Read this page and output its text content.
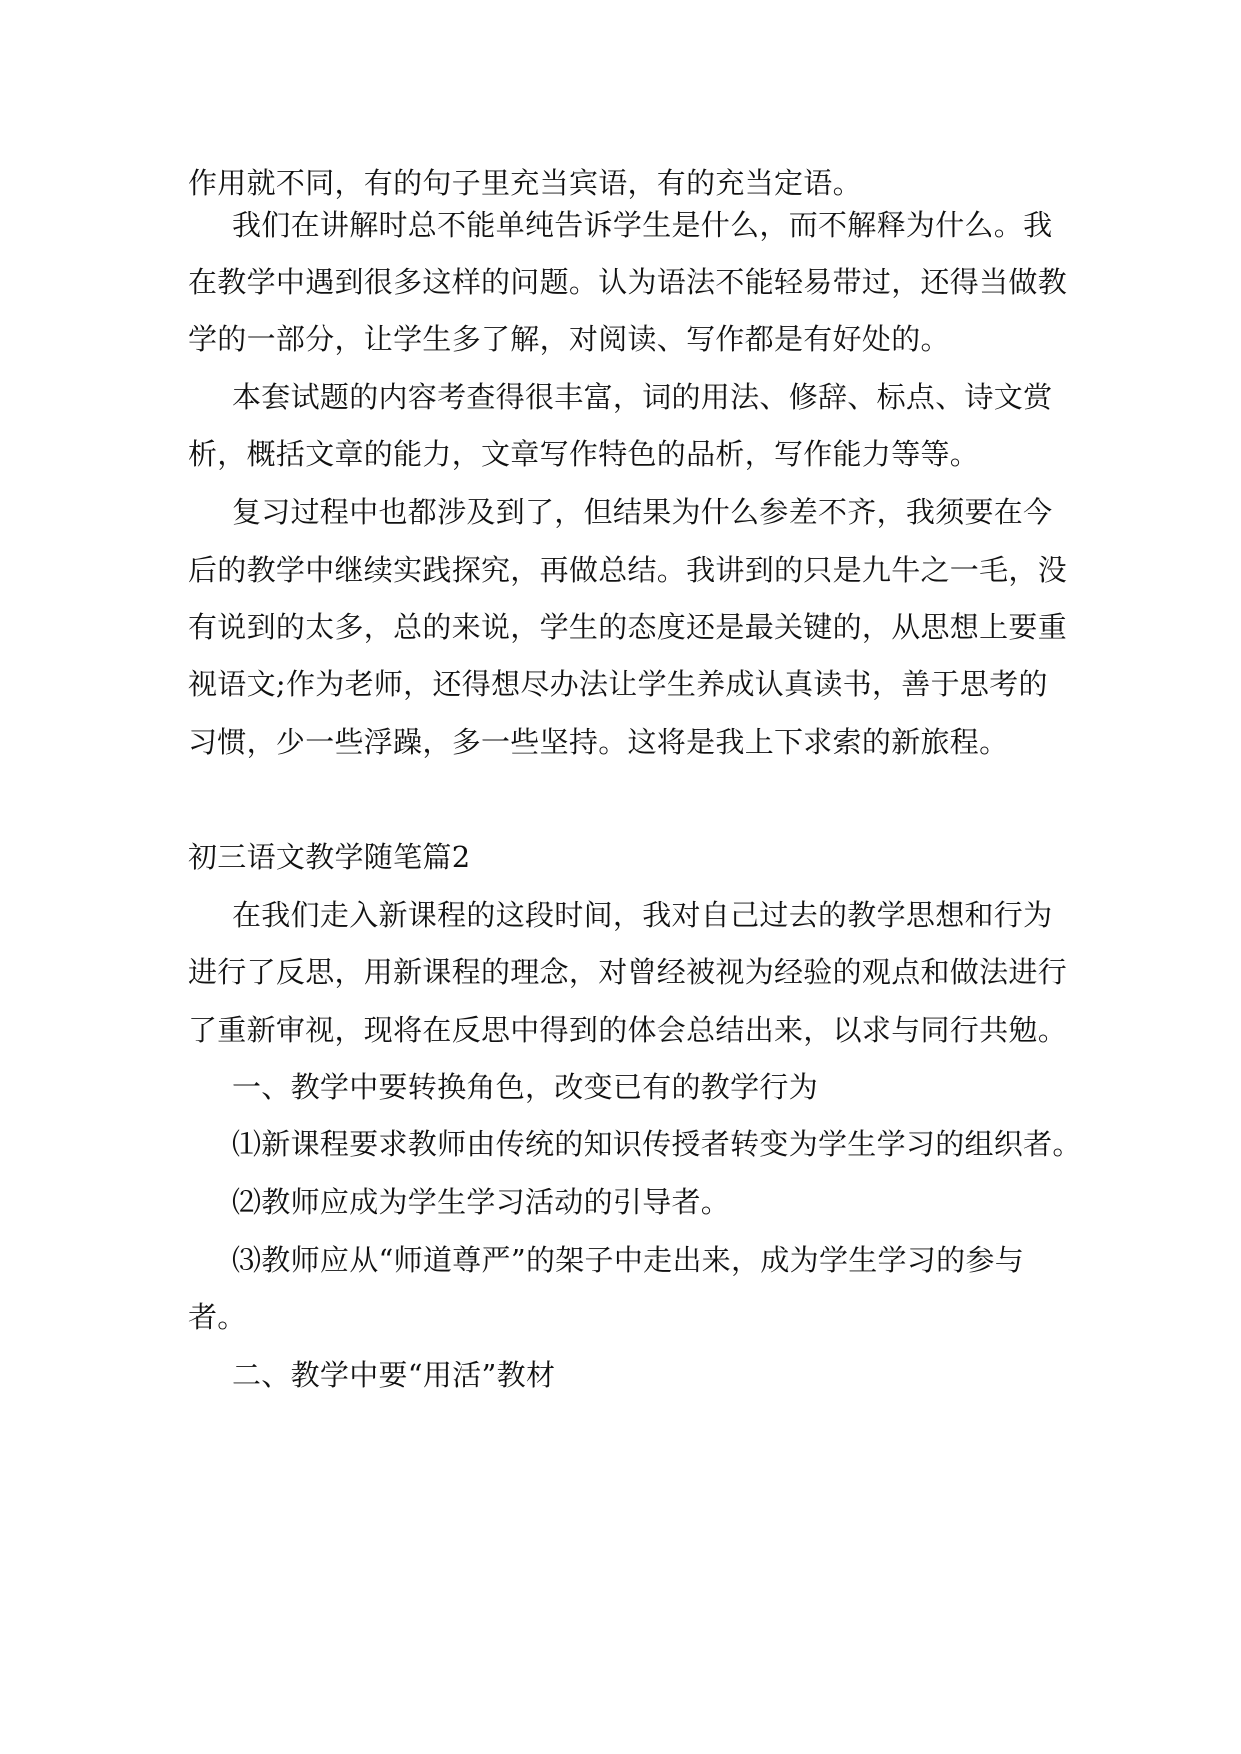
作用就不同，有的句子里充当宾语，有的充当定语。
我们在讲解时总不能单纯告诉学生是什么，而不解释为什么。我
在教学中遇到很多这样的问题。认为语法不能轻易带过，还得当做教
学的一部分，让学生多了解，对阅读、写作都是有好处的。
本套试题的内容考查得很丰富，词的用法、修辞、标点、诗文赏
析，概括文章的能力，文章写作特色的品析，写作能力等等。
复习过程中也都涉及到了，但结果为什么参差不齐，我须要在今
后的教学中继续实践探究，再做总结。我讲到的只是九牛之一毛，没
有说到的太多，总的来说，学生的态度还是最关键的，从思想上要重
视语文;作为老师，还得想尽办法让学生养成认真读书，善于思考的
习惯，少一些浮躁，多一些坚持。这将是我上下求索的新旅程。
初三语文教学随笔篇2
在我们走入新课程的这段时间，我对自己过去的教学思想和行为
进行了反思，用新课程的理念，对曾经被视为经验的观点和做法进行
了重新审视，现将在反思中得到的体会总结出来，以求与同行共勉。
一、教学中要转换角色，改变已有的教学行为
⑴新课程要求教师由传统的知识传授者转变为学生学习的组织者。
⑵教师应成为学生学习活动的引导者。
⑶教师应从“师道尊严”的架子中走出来，成为学生学习的参与
者。
二、教学中要“用活”教材
